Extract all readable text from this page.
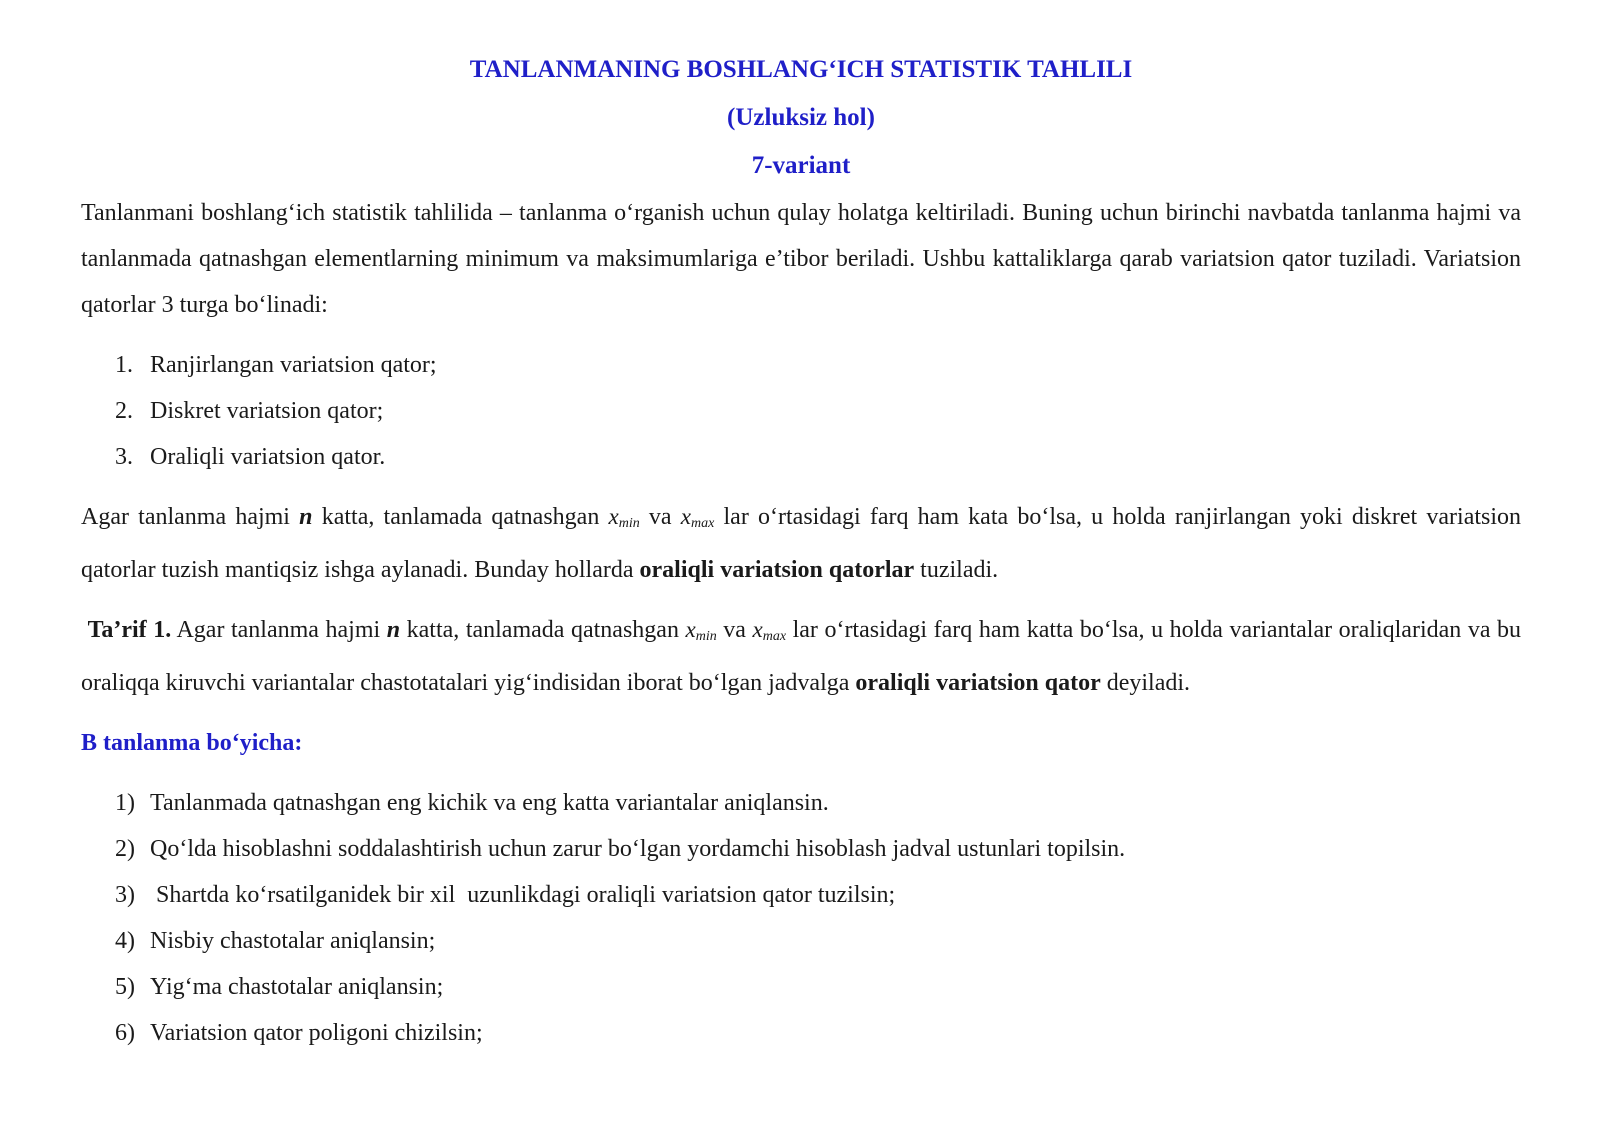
TANLANMANING BOSHLANG‘ICH STATISTIK TAHLILI

(Uzluksiz hol)

7-variant

Tanlanmani boshlang‘ich statistik tahlilida – tanlanma o‘rganish uchun qulay holatga keltiriladi. Buning uchun birinchi navbatda tanlanma hajmi va tanlanmada qatnashgan elementlarning minimum va maksimumlariga e’tibor beriladi. Ushbu kattaliklarga qarab variatsion qator tuziladi. Variatsion qatorlar 3 turga bo‘linadi:

1. Ranjirlangan variatsion qator;
2. Diskret variatsion qator;
3. Oraliqli variatsion qator.

Agar tanlanma hajmi n katta, tanlamada qatnashgan $x_{min}$ va $x_{max}$ lar o‘rtasidagi farq ham kata bo‘lsa, u holda ranjirlangan yoki diskret variatsion qatorlar tuzish mantiqsiz ishga aylanadi. Bunday hollarda oraliqli variatsion qatorlar tuziladi.

Ta’rif 1. Agar tanlanma hajmi n katta, tanlamada qatnashgan $x_{min}$ va $x_{max}$ lar o‘rtasidagi farq ham katta bo‘lsa, u holda variantalar oraliqlaridan va bu oraliqqa kiruvchi variantalar chastotatalari yig‘indisidan iborat bo‘lgan jadvalga oraliqli variatsion qator deyiladi.

B tanlanma bo‘yicha:

1) Tanlanmada qatnashgan eng kichik va eng katta variantalar aniqlansin.
2) Qo‘lda hisoblashni soddalashtirish uchun zarur bo‘lgan yordamchi hisoblash jadval ustunlari topilsin.
3) Shartda ko‘rsatilganidek bir xil  uzunlikdagi oraliqli variatsion qator tuzilsin;
4) Nisbiy chastotalar aniqlansin;
5) Yig‘ma chastotalar aniqlansin;
6) Variatsion qator poligoni chizilsin;
